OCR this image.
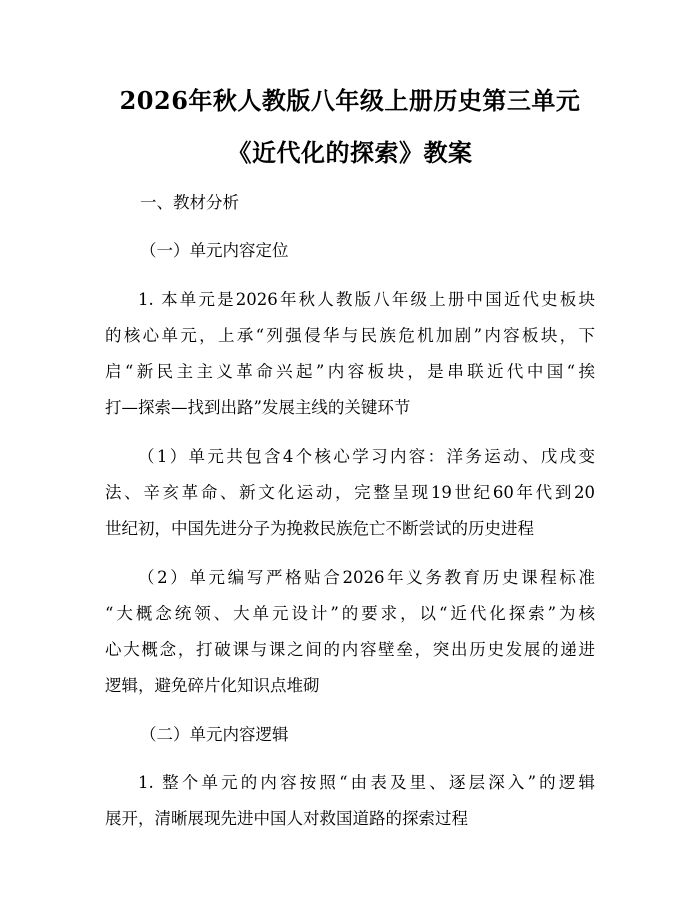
2026年秋人教版八年级上册历史第三单元
《近代化的探索》教案
一、教材分析
（一）单元内容定位
1. 本单元是2026年秋人教版八年级上册中国近代史板块
的核心单元，上承“列强侵华与民族危机加剧”内容板块，下
启“新民主主义革命兴起”内容板块，是串联近代中国“挨
打—探索—找到出路”发展主线的关键环节
（1）单元共包含4个核心学习内容：洋务运动、戊戌变
法、辛亥革命、新文化运动，完整呈现19世纪60年代到20
世纪初，中国先进分子为挽救民族危亡不断尝试的历史进程
（2）单元编写严格贴合2026年义务教育历史课程标准
“大概念统领、大单元设计”的要求，以“近代化探索”为核
心大概念，打破课与课之间的内容壁垒，突出历史发展的递进
逻辑，避免碎片化知识点堆砌
（二）单元内容逻辑
1. 整个单元的内容按照“由表及里、逐层深入”的逻辑
展开，清晰展现先进中国人对救国道路的探索过程
